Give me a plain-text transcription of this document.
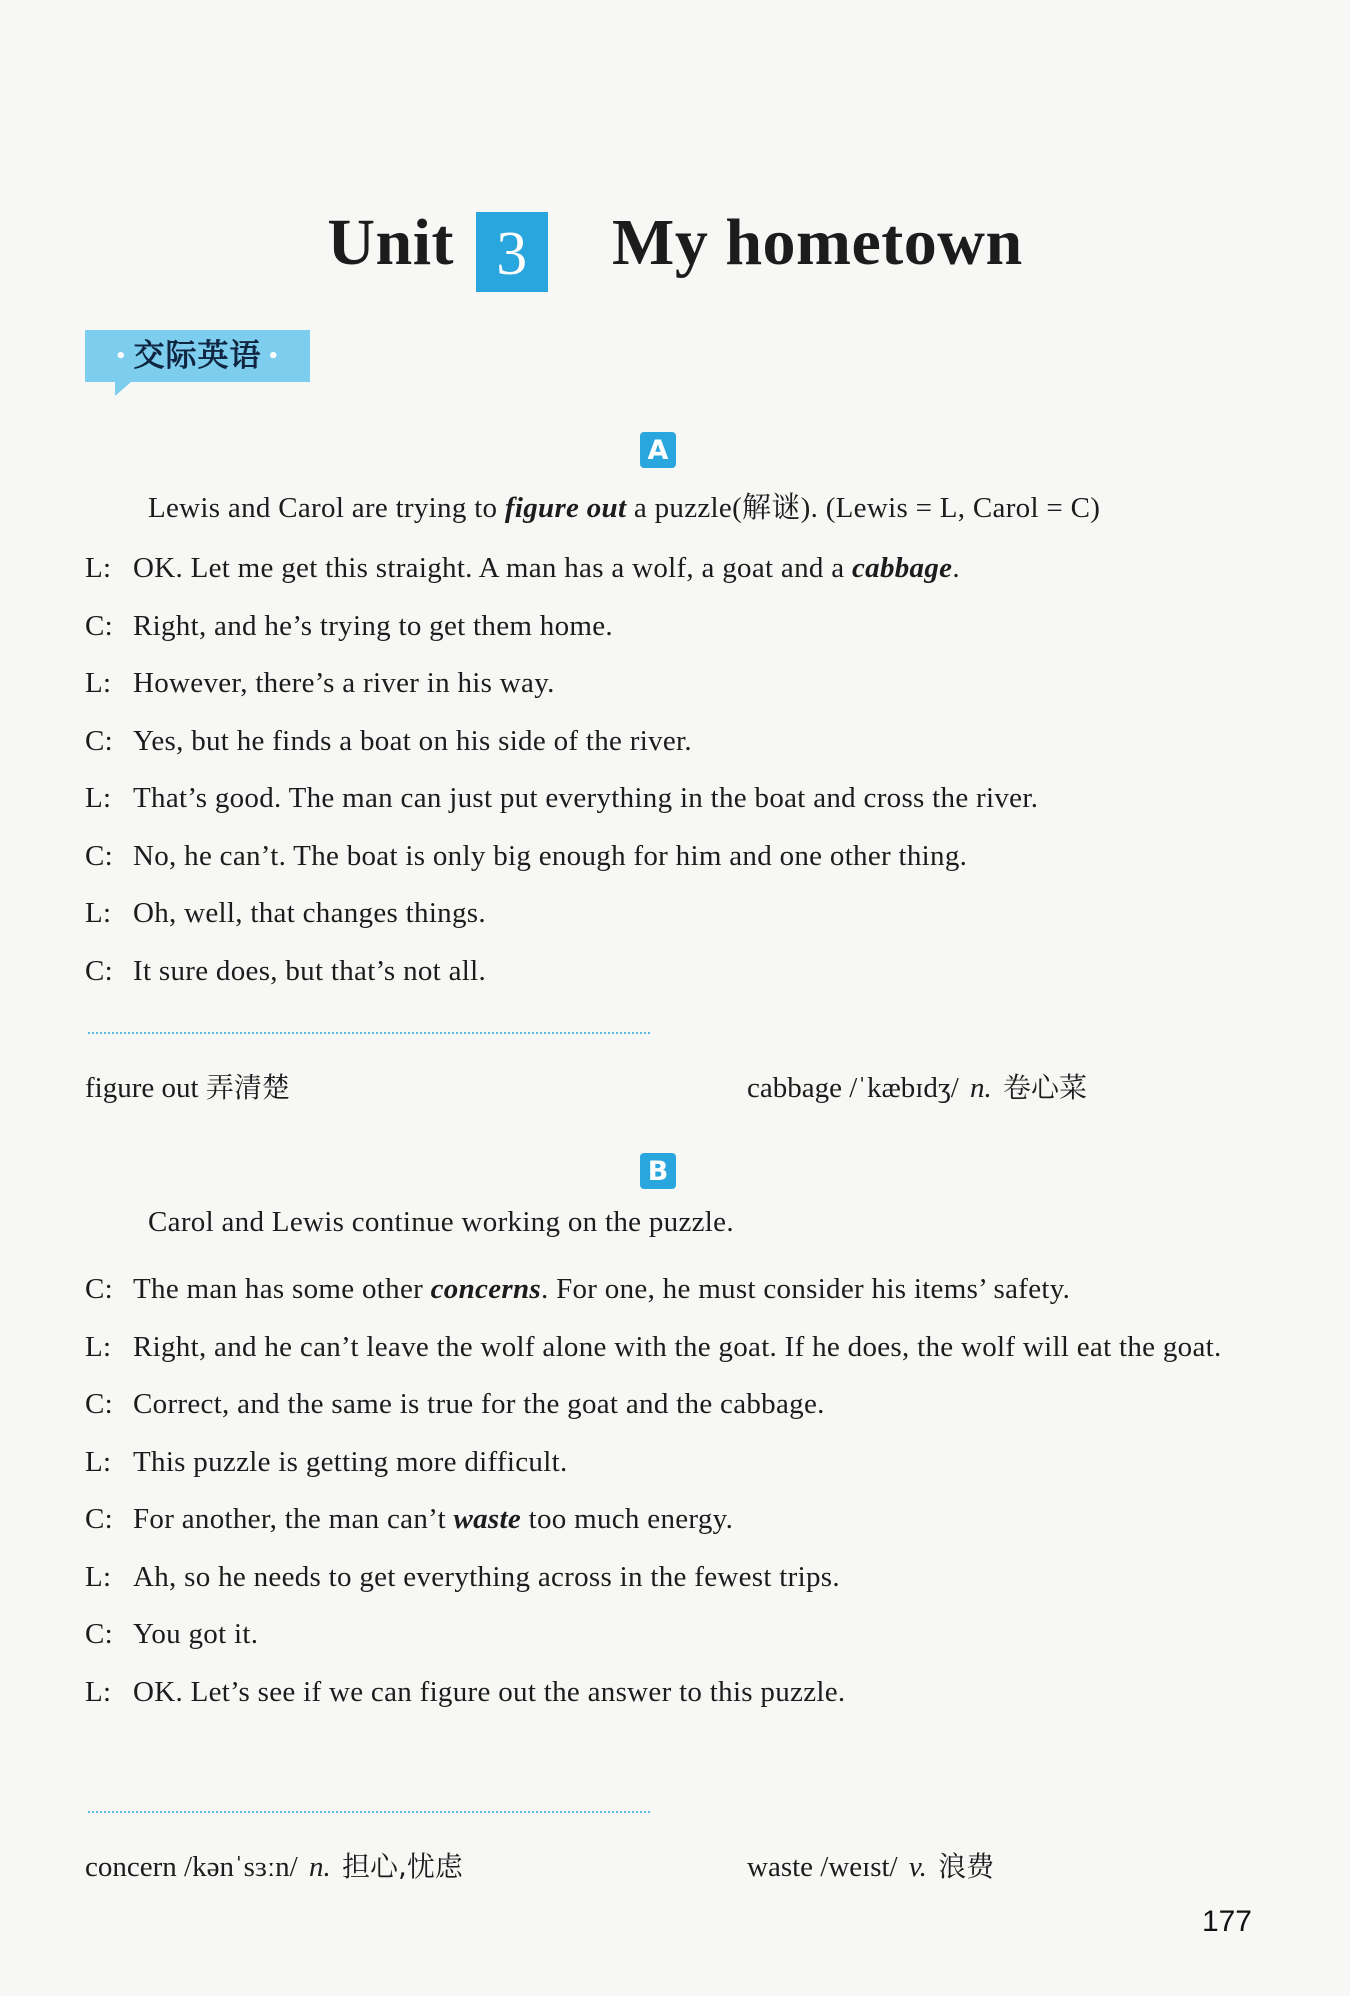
Unit 3 My hometown
• 交际英语 •
A
Lewis and Carol are trying to figure out a puzzle(解谜). (Lewis = L, Carol = C)
L: OK. Let me get this straight. A man has a wolf, a goat and a cabbage.
C: Right, and he’s trying to get them home.
L: However, there’s a river in his way.
C: Yes, but he finds a boat on his side of the river.
L: That’s good. The man can just put everything in the boat and cross the river.
C: No, he can’t. The boat is only big enough for him and one other thing.
L: Oh, well, that changes things.
C: It sure does, but that’s not all.
figure out 弄清楚	cabbage /ˈkæbɪdʒ/ n. 卷心菜
B
Carol and Lewis continue working on the puzzle.
C: The man has some other concerns. For one, he must consider his items’ safety.
L: Right, and he can’t leave the wolf alone with the goat. If he does, the wolf will eat the goat.
C: Correct, and the same is true for the goat and the cabbage.
L: This puzzle is getting more difficult.
C: For another, the man can’t waste too much energy.
L: Ah, so he needs to get everything across in the fewest trips.
C: You got it.
L: OK. Let’s see if we can figure out the answer to this puzzle.
concern /kənˈsɜːn/ n. 担心,忧虑	waste /weɪst/ v. 浪费
177
